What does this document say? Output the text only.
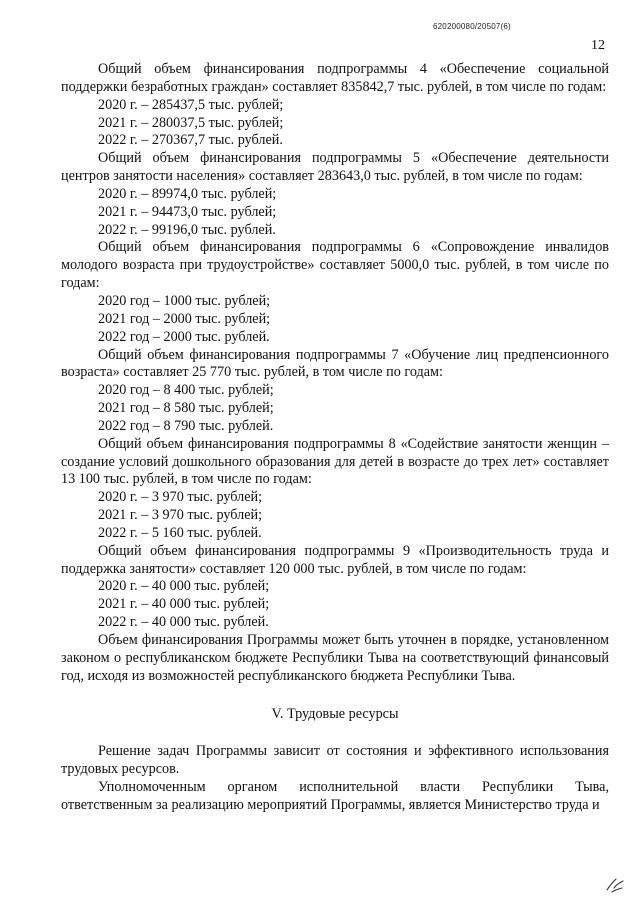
620200080/20507(6)
12

Общий объем финансирования подпрограммы 4 «Обеспечение социальной поддержки безработных граждан» составляет 835842,7 тыс. рублей, в том числе по годам:

2020 г. – 285437,5 тыс. рублей;

2021 г. – 280037,5 тыс. рублей;

2022 г. – 270367,7 тыс. рублей.

Общий объем финансирования подпрограммы 5 «Обеспечение деятельности центров занятости населения» составляет 283643,0 тыс. рублей, в том числе по годам:

2020 г. – 89974,0 тыс. рублей;

2021 г. – 94473,0 тыс. рублей;

2022 г. – 99196,0 тыс. рублей.

Общий объем финансирования подпрограммы 6 «Сопровождение инвалидов молодого возраста при трудоустройстве» составляет 5000,0 тыс. рублей, в том числе по годам:

2020 год – 1000 тыс. рублей;

2021 год – 2000 тыс. рублей;

2022 год – 2000 тыс. рублей.

Общий объем финансирования подпрограммы 7 «Обучение лиц предпенсионного возраста» составляет 25 770 тыс. рублей, в том числе по годам:

2020 год – 8 400 тыс. рублей;

2021 год – 8 580 тыс. рублей;

2022 год – 8 790 тыс. рублей.

Общий объем финансирования подпрограммы 8 «Содействие занятости женщин – создание условий дошкольного образования для детей в возрасте до трех лет» составляет 13 100 тыс. рублей, в том числе по годам:

2020 г. – 3 970 тыс. рублей;

2021 г. – 3 970 тыс. рублей;

2022 г. – 5 160 тыс. рублей.

Общий объем финансирования подпрограммы 9 «Производительность труда и поддержка занятости» составляет 120 000 тыс. рублей, в том числе по годам:

2020 г. – 40 000 тыс. рублей;

2021 г. – 40 000 тыс. рублей;

2022 г. – 40 000 тыс. рублей.

Объем финансирования Программы может быть уточнен в порядке, установленном законом о республиканском бюджете Республики Тыва на соответствующий финансовый год, исходя из возможностей республиканского бюджета Республики Тыва.

V. Трудовые ресурсы

Решение задач Программы зависит от состояния и эффективного использования трудовых ресурсов.

Уполномоченным органом исполнительной власти Республики Тыва, ответственным за реализацию мероприятий Программы, является Министерство труда и
